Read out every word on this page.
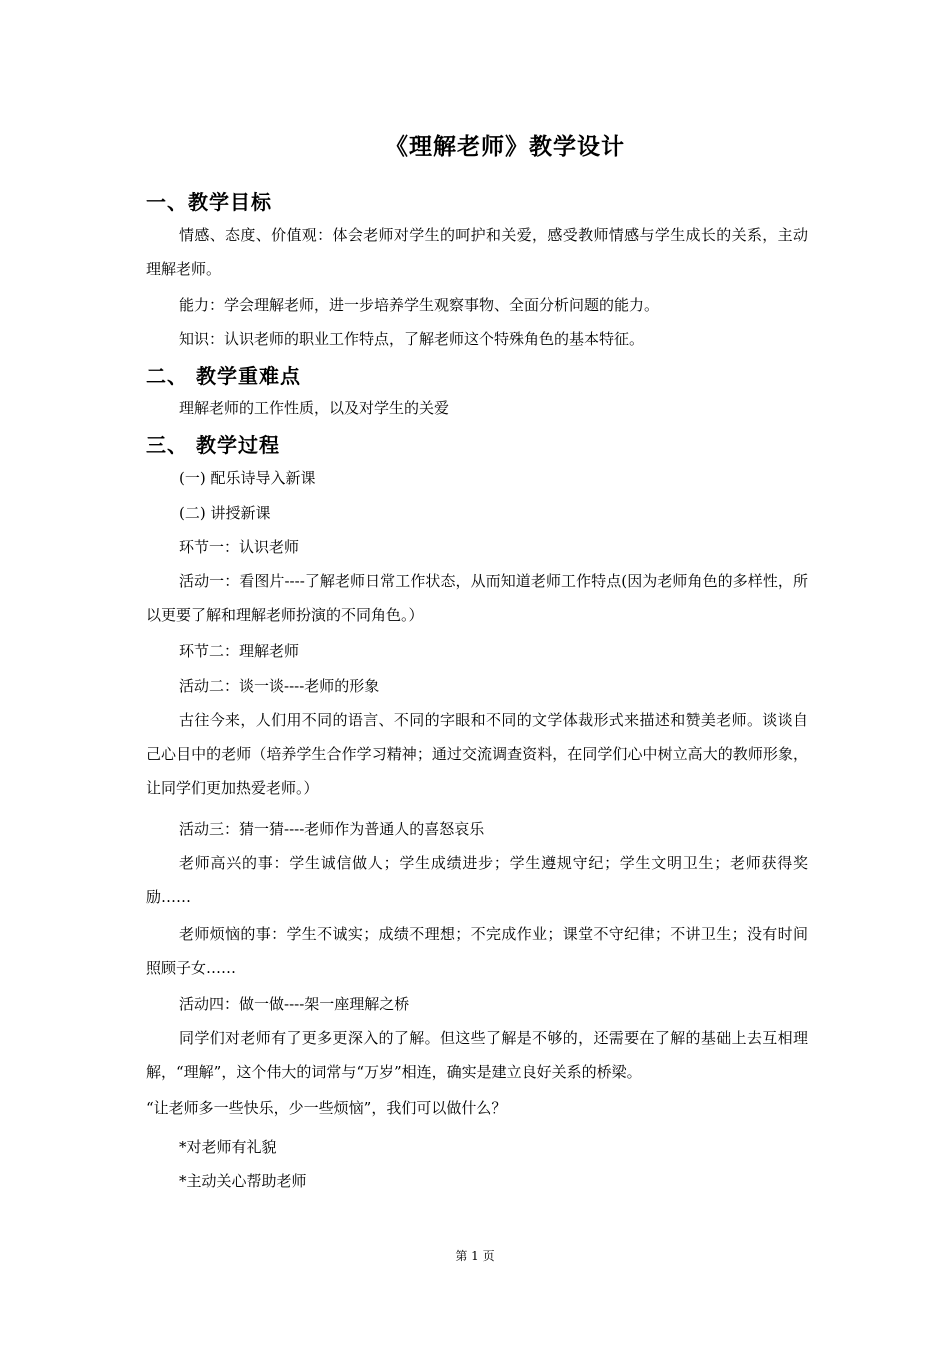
《理解老师》教学设计
一、教学目标
情感、态度、价值观：体会老师对学生的呵护和关爱，感受教师情感与学生成长的关系，主动理解老师。
能力：学会理解老师，进一步培养学生观察事物、全面分析问题的能力。
知识：认识老师的职业工作特点，了解老师这个特殊角色的基本特征。
二、 教学重难点
理解老师的工作性质，以及对学生的关爱
三、 教学过程
(一) 配乐诗导入新课
(二) 讲授新课
环节一：认识老师
活动一：看图片----了解老师日常工作状态，从而知道老师工作特点(因为老师角色的多样性，所以更要了解和理解老师扮演的不同角色。）
环节二：理解老师
活动二：谈一谈----老师的形象
古往今来，人们用不同的语言、不同的字眼和不同的文学体裁形式来描述和赞美老师。谈谈自己心目中的老师（培养学生合作学习精神；通过交流调查资料，在同学们心中树立高大的教师形象，让同学们更加热爱老师。）
活动三：猜一猜----老师作为普通人的喜怒哀乐
老师高兴的事：学生诚信做人；学生成绩进步；学生遵规守纪；学生文明卫生；老师获得奖励……
老师烦恼的事：学生不诚实；成绩不理想；不完成作业；课堂不守纪律；不讲卫生；没有时间照顾子女……
活动四：做一做----架一座理解之桥
同学们对老师有了更多更深入的了解。但这些了解是不够的，还需要在了解的基础上去互相理解，“理解”，这个伟大的词常与“万岁”相连，确实是建立良好关系的桥梁。
“让老师多一些快乐，少一些烦恼”，我们可以做什么？
*对老师有礼貌
*主动关心帮助老师
第 1 页
